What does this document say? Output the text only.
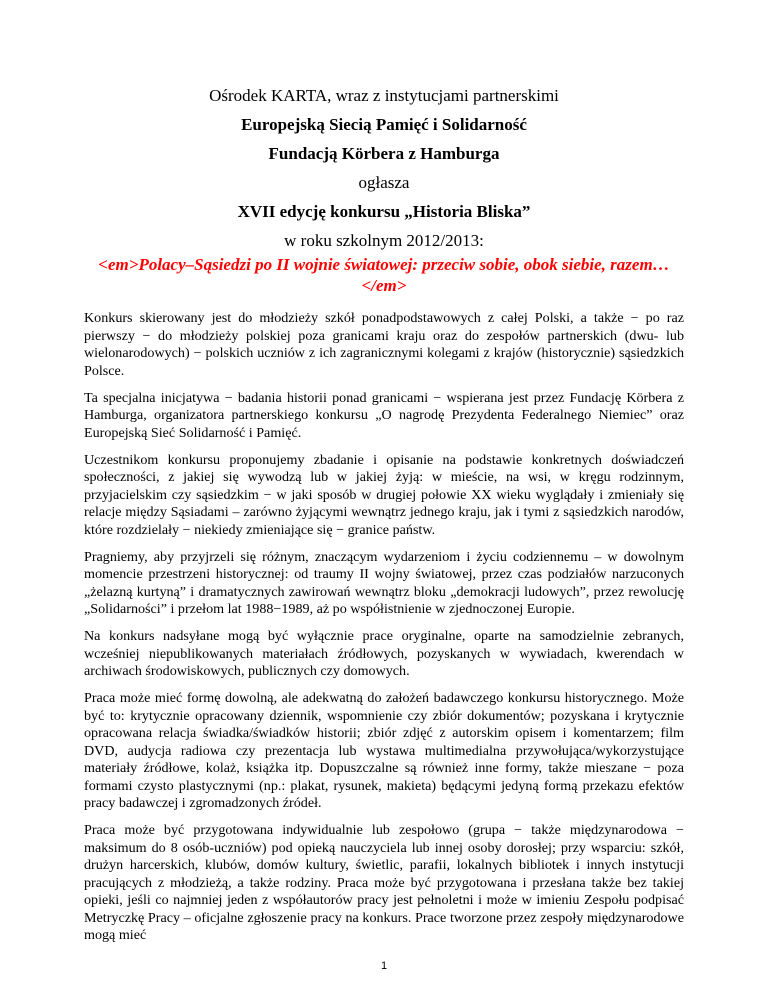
Ośrodek KARTA, wraz z instytucjami partnerskimi
Europejską Siecią Pamięć i Solidarność
Fundacją Körbera z Hamburga
ogłasza
XVII edycję konkursu „Historia Bliska”
w roku szkolnym 2012/2013:
<em>Polacy–Sąsiedzi po II wojnie światowej: przeciw sobie, obok siebie, razem…</em>

Konkurs skierowany jest do młodzieży szkół ponadpodstawowych z całej Polski, a także − po raz pierwszy − do młodzieży polskiej poza granicami kraju oraz do zespołów partnerskich (dwu- lub wielonarodowych) − polskich uczniów z ich zagranicznymi kolegami z krajów (historycznie) sąsiedzkich Polsce.

Ta specjalna inicjatywa − badania historii ponad granicami − wspierana jest przez Fundację Körbera z Hamburga, organizatora partnerskiego konkursu „O nagrodę Prezydenta Federalnego Niemiec” oraz Europejską Sieć Solidarność i Pamięć.

Uczestnikom konkursu proponujemy zbadanie i opisanie na podstawie konkretnych doświadczeń społeczności, z jakiej się wywodzą lub w jakiej żyją: w mieście, na wsi, w kręgu rodzinnym, przyjacielskim czy sąsiedzkim − w jaki sposób w drugiej połowie XX wieku wyglądały i zmieniały się relacje między Sąsiadami – zarówno żyjącymi wewnątrz jednego kraju, jak i tymi z sąsiedzkich narodów, które rozdzielały − niekiedy zmieniające się − granice państw.

Pragniemy, aby przyjrzeli się różnym, znaczącym wydarzeniom i życiu codziennemu – w dowolnym momencie przestrzeni historycznej: od traumy II wojny światowej, przez czas podziałów narzuconych „żelazną kurtyną” i dramatycznych zawirowań wewnątrz bloku „demokracji ludowych”, przez rewolucję „Solidarności” i przełom lat 1988−1989, aż po współistnienie w zjednoczonej Europie.

Na konkurs nadsyłane mogą być wyłącznie prace oryginalne, oparte na samodzielnie zebranych, wcześniej niepublikowanych materiałach źródłowych, pozyskanych w wywiadach, kwerendach w archiwach środowiskowych, publicznych czy domowych.

Praca może mieć formę dowolną, ale adekwatną do założeń badawczego konkursu historycznego. Może być to: krytycznie opracowany dziennik, wspomnienie czy zbiór dokumentów; pozyskana i krytycznie opracowana relacja świadka/świadków historii; zbiór zdjęć z autorskim opisem i komentarzem; film DVD, audycja radiowa czy prezentacja lub wystawa multimedialna przywołująca/wykorzystujące materiały źródłowe, kolaż, książka itp. Dopuszczalne są również inne formy, także mieszane − poza formami czysto plastycznymi (np.: plakat, rysunek, makieta) będącymi jedyną formą przekazu efektów pracy badawczej i zgromadzonych źródeł.

Praca może być przygotowana indywidualnie lub zespołowo (grupa − także międzynarodowa − maksimum do 8 osób-uczniów) pod opieką nauczyciela lub innej osoby dorosłej; przy wsparciu: szkół, drużyn harcerskich, klubów, domów kultury, świetlic, parafii, lokalnych bibliotek i innych instytucji pracujących z młodzieżą, a także rodziny. Praca może być przygotowana i przesłana także bez takiej opieki, jeśli co najmniej jeden z współautorów pracy jest pełnoletni i może w imieniu Zespołu podpisać Metryczkę Pracy – oficjalne zgłoszenie pracy na konkurs. Prace tworzone przez zespoły międzynarodowe mogą mieć

1
